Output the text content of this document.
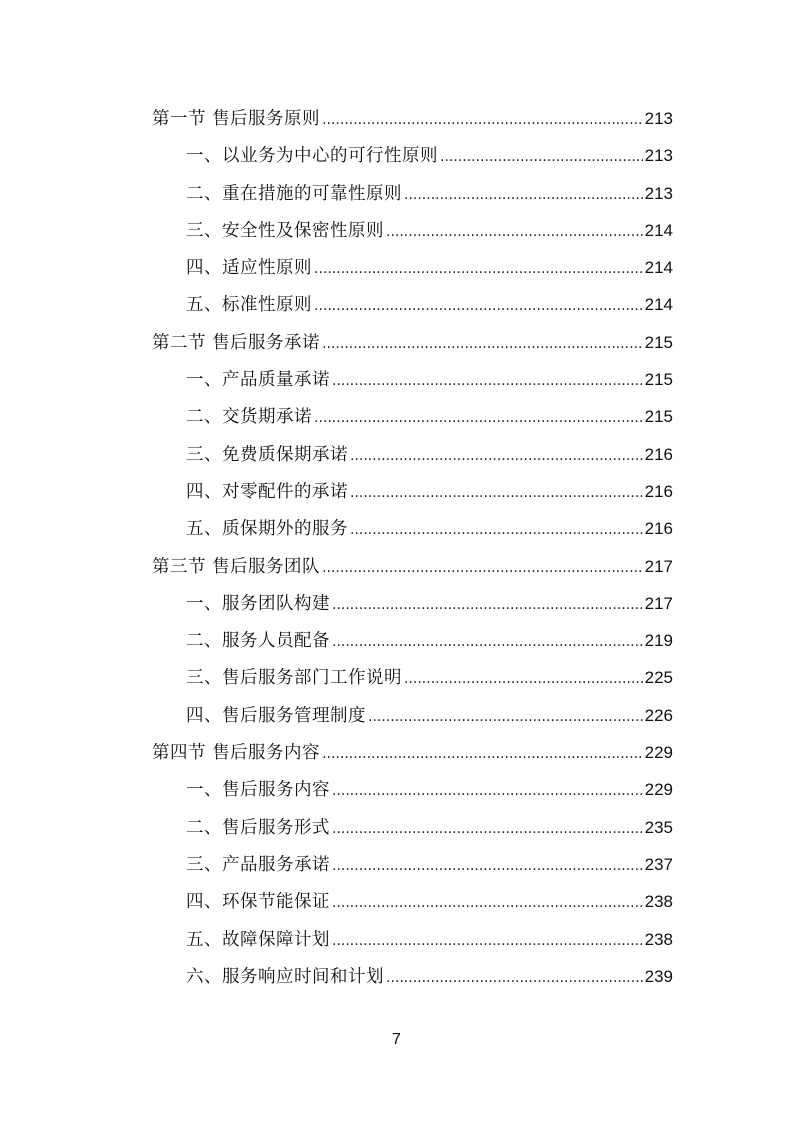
第一节 售后服务原则 .....	213
一、以业务为中心的可行性原则 .....	213
二、重在措施的可靠性原则 .....	213
三、安全性及保密性原则 .....	214
四、适应性原则 .....	214
五、标准性原则 .....	214
第二节 售后服务承诺 .....	215
一、产品质量承诺 .....	215
二、交货期承诺 .....	215
三、免费质保期承诺 .....	216
四、对零配件的承诺 .....	216
五、质保期外的服务 .....	216
第三节 售后服务团队 .....	217
一、服务团队构建 .....	217
二、服务人员配备 .....	219
三、售后服务部门工作说明 .....	225
四、售后服务管理制度 .....	226
第四节 售后服务内容 .....	229
一、售后服务内容 .....	229
二、售后服务形式 .....	235
三、产品服务承诺 .....	237
四、环保节能保证 .....	238
五、故障保障计划 .....	238
六、服务响应时间和计划 .....	239
7
